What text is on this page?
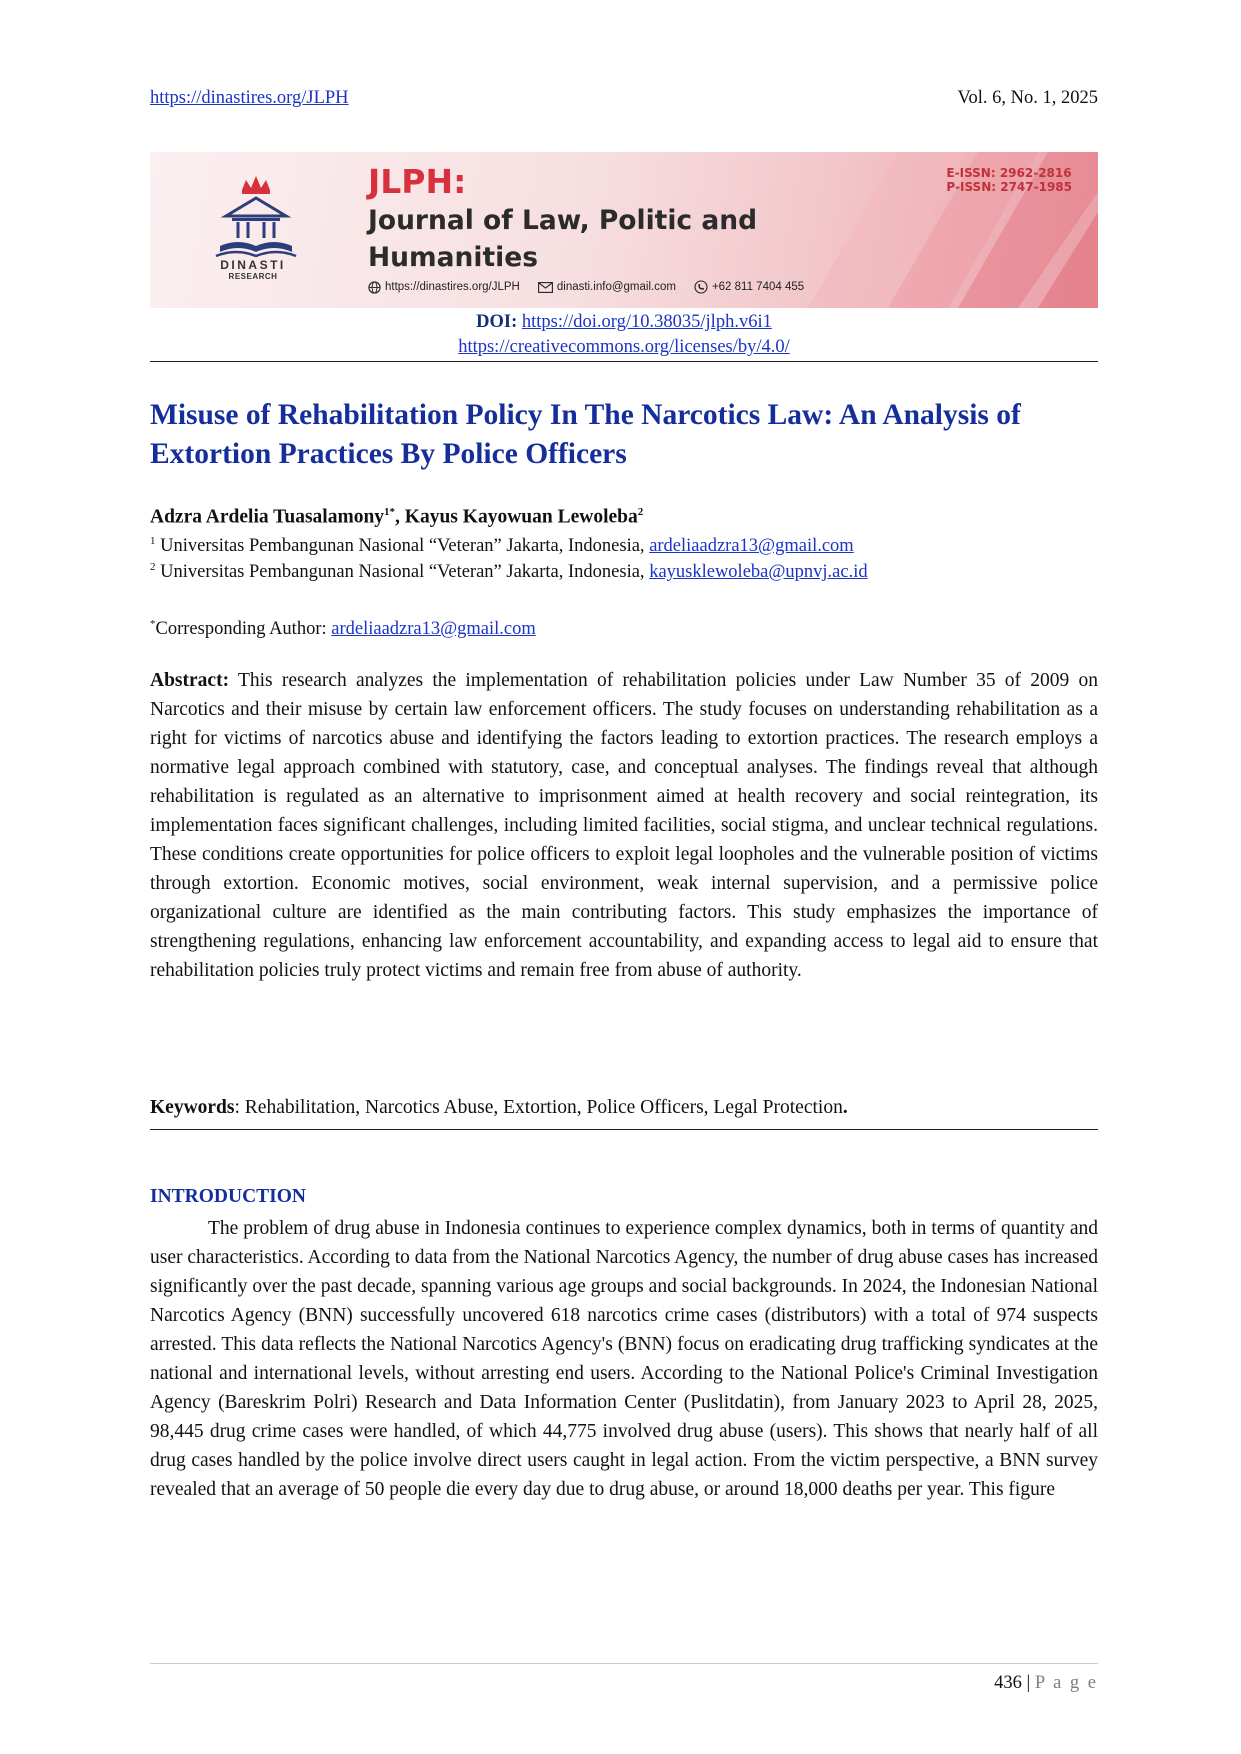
https://dinastires.org/JLPH	Vol. 6, No. 1, 2025
DINASTI
RESEARCH
JLPH:
Journal of Law, Politic and Humanities
E-ISSN: 2962-2816
P-ISSN: 2747-1985
https://dinastires.org/JLPH	dinasti.info@gmail.com	+62 811 7404 455
DOI: https://doi.org/10.38035/jlph.v6i1
https://creativecommons.org/licenses/by/4.0/
Misuse of Rehabilitation Policy In The Narcotics Law: An Analysis of Extortion Practices By Police Officers
Adzra Ardelia Tuasalamony$^{1*}$, Kayus Kayowuan Lewoleba$^2$
$^1$ Universitas Pembangunan Nasional “Veteran” Jakarta, Indonesia, ardeliaadzra13@gmail.com
$^2$ Universitas Pembangunan Nasional “Veteran” Jakarta, Indonesia, kayusklewoleba@upnvj.ac.id
*Corresponding Author: ardeliaadzra13@gmail.com
Abstract: This research analyzes the implementation of rehabilitation policies under Law Number 35 of 2009 on Narcotics and their misuse by certain law enforcement officers. The study focuses on understanding rehabilitation as a right for victims of narcotics abuse and identifying the factors leading to extortion practices. The research employs a normative legal approach combined with statutory, case, and conceptual analyses. The findings reveal that although rehabilitation is regulated as an alternative to imprisonment aimed at health recovery and social reintegration, its implementation faces significant challenges, including limited facilities, social stigma, and unclear technical regulations. These conditions create opportunities for police officers to exploit legal loopholes and the vulnerable position of victims through extortion. Economic motives, social environment, weak internal supervision, and a permissive police organizational culture are identified as the main contributing factors. This study emphasizes the importance of strengthening regulations, enhancing law enforcement accountability, and expanding access to legal aid to ensure that rehabilitation policies truly protect victims and remain free from abuse of authority.
Keywords: Rehabilitation, Narcotics Abuse, Extortion, Police Officers, Legal Protection.
INTRODUCTION
The problem of drug abuse in Indonesia continues to experience complex dynamics, both in terms of quantity and user characteristics. According to data from the National Narcotics Agency, the number of drug abuse cases has increased significantly over the past decade, spanning various age groups and social backgrounds. In 2024, the Indonesian National Narcotics Agency (BNN) successfully uncovered 618 narcotics crime cases (distributors) with a total of 974 suspects arrested. This data reflects the National Narcotics Agency's (BNN) focus on eradicating drug trafficking syndicates at the national and international levels, without arresting end users. According to the National Police's Criminal Investigation Agency (Bareskrim Polri) Research and Data Information Center (Puslitdatin), from January 2023 to April 28, 2025, 98,445 drug crime cases were handled, of which 44,775 involved drug abuse (users). This shows that nearly half of all drug cases handled by the police involve direct users caught in legal action. From the victim perspective, a BNN survey revealed that an average of 50 people die every day due to drug abuse, or around 18,000 deaths per year. This figure
436 | P a g e
